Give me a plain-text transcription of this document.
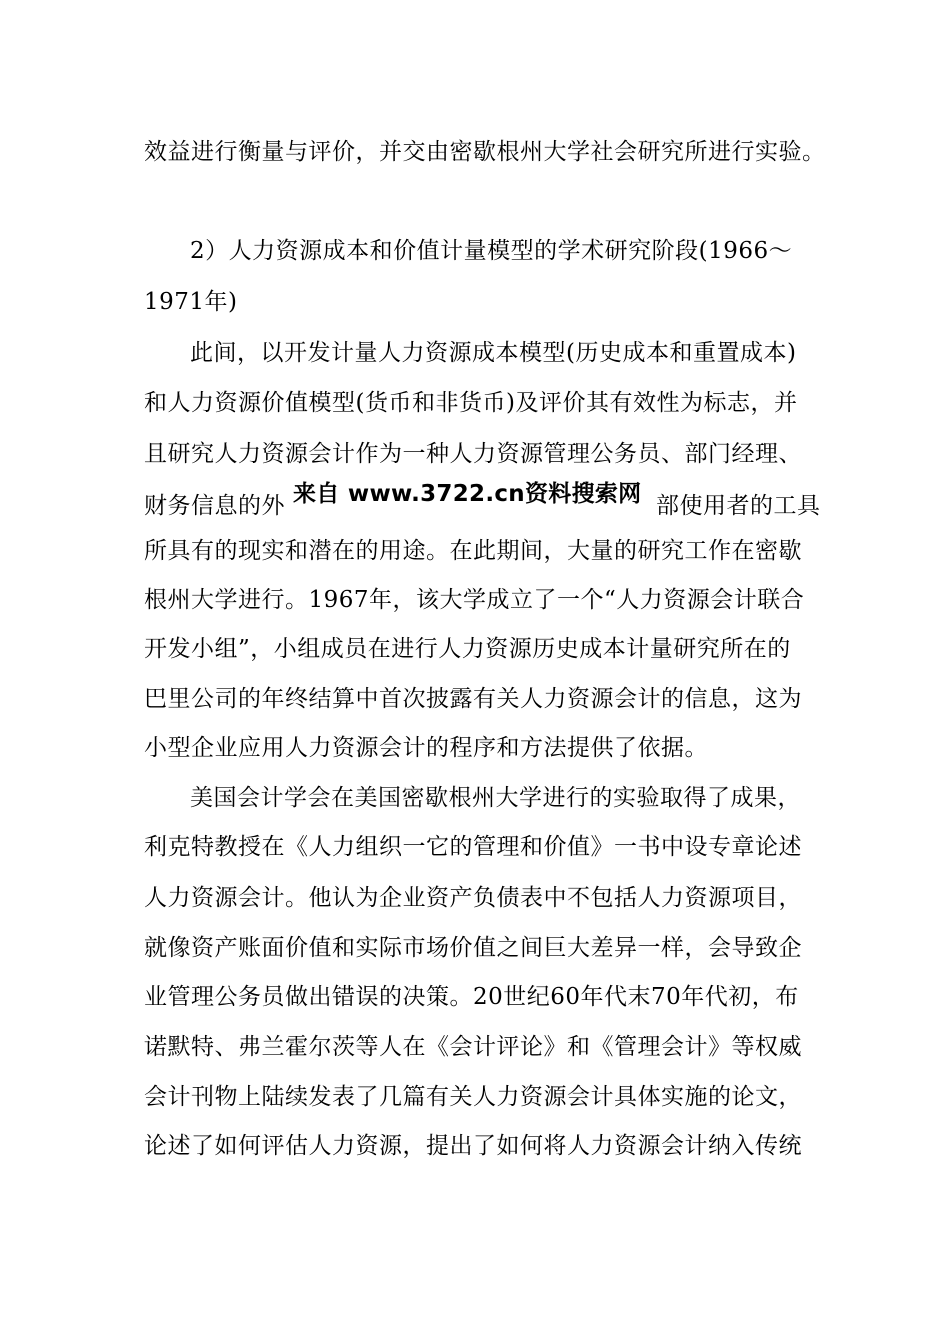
效益进行衡量与评价，并交由密歇根州大学社会研究所进行实验。
2）人力资源成本和价值计量模型的学术研究阶段(1966～
1971年)
此间，以开发计量人力资源成本模型(历史成本和重置成本)
和人力资源价值模型(货币和非货币)及评价其有效性为标志，并
且研究人力资源会计作为一种人力资源管理公务员、部门经理、
财务信息的外 来自 www.3722.cn资料搜索网 部使用者的工具
所具有的现实和潜在的用途。在此期间，大量的研究工作在密歇
根州大学进行。1967年，该大学成立了一个“人力资源会计联合
开发小组”，小组成员在进行人力资源历史成本计量研究所在的
巴里公司的年终结算中首次披露有关人力资源会计的信息，这为
小型企业应用人力资源会计的程序和方法提供了依据。
美国会计学会在美国密歇根州大学进行的实验取得了成果，
利克特教授在《人力组织一它的管理和价值》一书中设专章论述
人力资源会计。他认为企业资产负债表中不包括人力资源项目，
就像资产账面价值和实际市场价值之间巨大差异一样，会导致企
业管理公务员做出错误的决策。20世纪60年代末70年代初，布
诺默特、弗兰霍尔茨等人在《会计评论》和《管理会计》等权威
会计刊物上陆续发表了几篇有关人力资源会计具体实施的论文，
论述了如何评估人力资源，提出了如何将人力资源会计纳入传统
